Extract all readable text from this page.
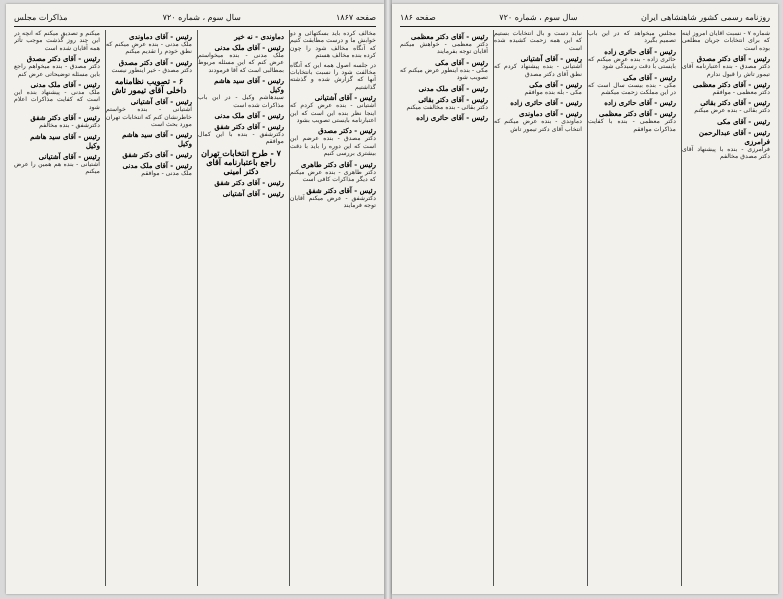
صفحه ۱۸۶۷
سال سوم ، شماره ۷۲۰
مذاکرات مجلس

مخالف کرده باید بسکتهائی و دو خوابش ما و درست مطابقت کنیم که آنگاه مخالف شود را چون کرده بنده مخالف هستم

در جلسه اصول همه این که آنگاه مخالفت شود را نسبت بانتخابات آنها که گزارش شده و گذشته گذاشتیم

رئیس - آقای آشتیانی

آشتیانی - بنده عرض کردم که اینجا نظر بنده این است که این اعتبارنامه بایستی تصویب بشود

رئیس - دکتر مصدق

دکتر مصدق - بنده عرضم این است که این دوره را باید با دقت بیشتری بررسی کنیم

رئیس - آقای دکتر طاهری

دکتر طاهری - بنده عرض میکنم که دیگر مذاکرات کافی است

رئیس - آقای دکتر شفق

دکترشفق - عرض میکنم آقایان توجه فرمایند

دماوندی - نه خیر
رئیس - آقای ملک مدنی

ملک مدنی - بنده میخواستم عرض کنم که این مسئله مربوط بمطالبی است که آقا فرمودند

رئیس - آقای سید هاشم وکیل

سیدهاشم وکیل - در این باب مذاکرات شده است

رئیس - آقای ملک مدنی
رئیس - آقای دکتر شفق

دکترشفق - بنده با این کمال موافقم

۷ - طرح انتخابات تهران راجع باعتبارنامه آقای دکتر امینی
رئیس - آقای دکتر شفق
رئیس - آقای آشتیانی
رئیس - آقای دماوندی

ملک مدنی - بنده عرض میکنم که نطق خودم را تقدیم میکنم

رئیس - آقای دکتر مصدق

دکتر مصدق - خیر اینطور نیست

۶ - تصویب نظامنامه داخلی آقای تیمور تاش
رئیس - آقای آشتیانی

آشتیانی - بنده خواستم خاطرنشان کنم که انتخابات تهران مورد بحث است

رئیس - آقای سید هاشم وکیل
رئیس - آقای دکتر شفق
رئیس - آقای ملک مدنی

ملک مدنی - موافقم

میکنم و تصدیق میکنم که آنچه در این چند روز گذشت موجب تأثر همه آقایان شده است

رئیس - آقای دکتر مصدق

دکتر مصدق - بنده میخواهم راجع باین مسئله توضیحاتی عرض کنم

رئیس - آقای ملک مدنی

ملک مدنی - پیشنهاد بنده این است که کفایت مذاکرات اعلام شود

رئیس - آقای دکتر شفق

دکترشفق - بنده مخالفم

رئیس - آقای سید هاشم وکیل
رئیس - آقای آشتیانی

آشتیانی - بنده هم همین را عرض میکنم

روزنامه رسمی کشور شاهنشاهی ایران
سال سوم ، شماره ۷۲۰
صفحه ۱۸۶

شماره ۷ - نسبت آقایان امروز اینه که برای انتخابات جریان مطلعی بوده است

رئیس - آقای دکتر مصدق

دکتر مصدق - بنده اعتبارنامه آقای تیمور تاش را قبول ندارم

رئیس - آقای دکتر معظمی

دکتر معظمی - موافقم

رئیس - آقای دکتر بقائی

دکتر بقائی - بنده عرض میکنم

رئیس - آقای مکی
رئیس - آقای عبدالرحمن فرامرزی

فرامرزی - بنده با پیشنهاد آقای دکتر مصدق مخالفم

مجلس میخواهد که در این باب تصمیم بگیرد

رئیس - آقای حائری زاده

حائری زاده - بنده عرض میکنم که بایستی با دقت رسیدگی شود

رئیس - آقای مکی

مکی - بنده بیست سال است که در این مملکت زحمت میکشم

رئیس - آقای حائری زاده
رئیس - آقای دکتر معظمی

دکتر معظمی - بنده با کفایت مذاکرات موافقم

نباید دست و بال انتخابات بستیم که این همه زحمت کشیده شده است

رئیس - آقای آشتیانی

آشتیانی - بنده پیشنهاد کردم که نطق آقای دکتر مصدق

رئیس - آقای مکی

مکی - بله بنده موافقم

رئیس - آقای حائری زاده
رئیس - آقای دماوندی

دماوندی - بنده عرض میکنم که انتخاب آقای دکتر تیمور تاش

رئیس - آقای دکتر معظمی

دکتر معظمی - خواهش میکنم آقایان توجه بفرمایند

رئیس - آقای مکی

مکی - بنده اینطور عرض میکنم که تصویب شود

رئیس - آقای ملک مدنی
رئیس - آقای دکتر بقائی

دکتر بقائی - بنده مخالفت میکنم

رئیس - آقای حائری زاده
